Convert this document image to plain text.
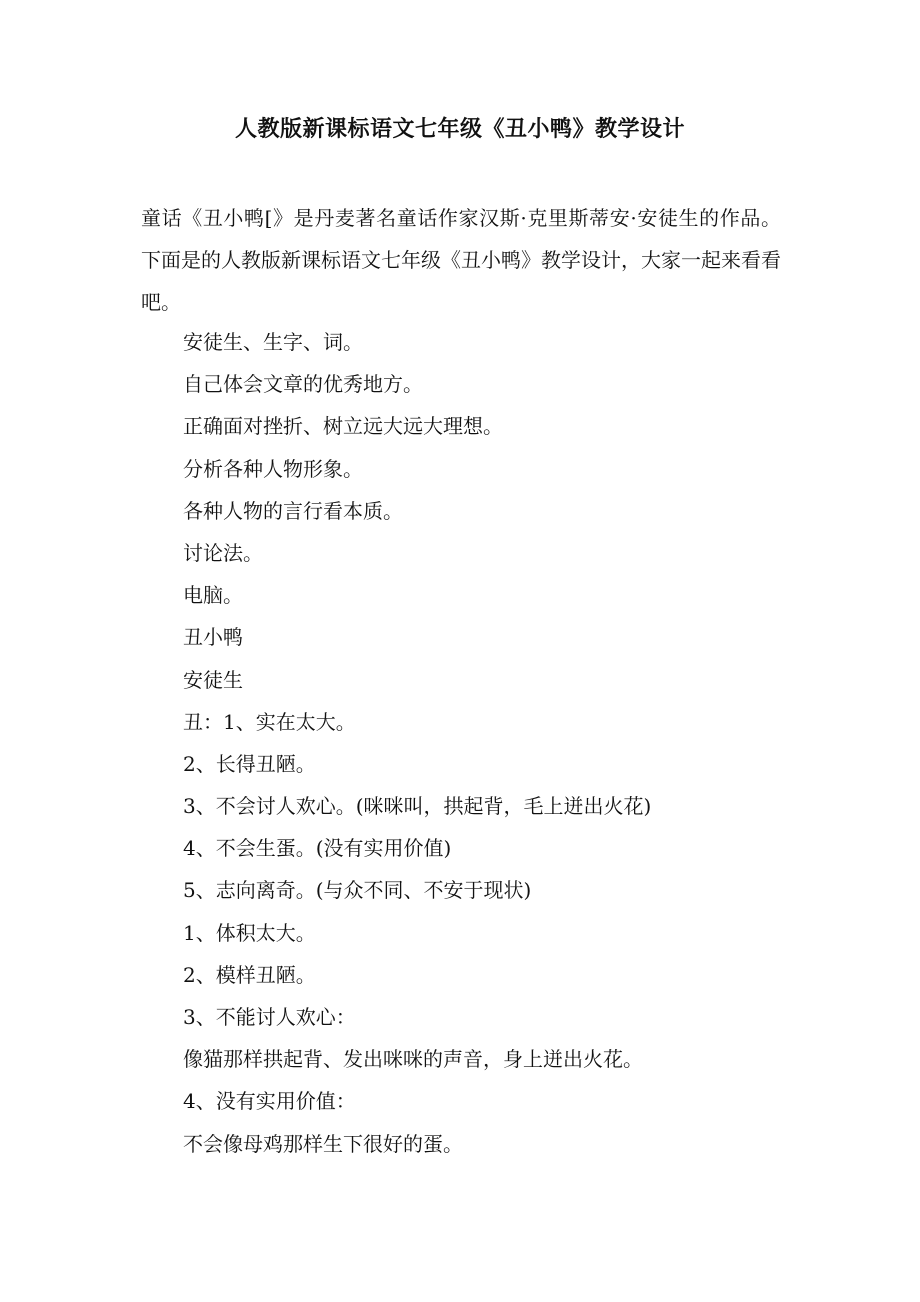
人教版新课标语文七年级《丑小鸭》教学设计

童话《丑小鸭[》是丹麦著名童话作家汉斯·克里斯蒂安·安徒生的作品。下面是的人教版新课标语文七年级《丑小鸭》教学设计，大家一起来看看吧。

安徒生、生字、词。
自己体会文章的优秀地方。
正确面对挫折、树立远大远大理想。
分析各种人物形象。
各种人物的言行看本质。
讨论法。
电脑。
丑小鸭
安徒生
丑：1、实在太大。
2、长得丑陋。
3、不会讨人欢心。(咪咪叫，拱起背，毛上迸出火花)
4、不会生蛋。(没有实用价值)
5、志向离奇。(与众不同、不安于现状)
1、体积太大。
2、模样丑陋。
3、不能讨人欢心：
像猫那样拱起背、发出咪咪的声音，身上迸出火花。
4、没有实用价值：
不会像母鸡那样生下很好的蛋。
